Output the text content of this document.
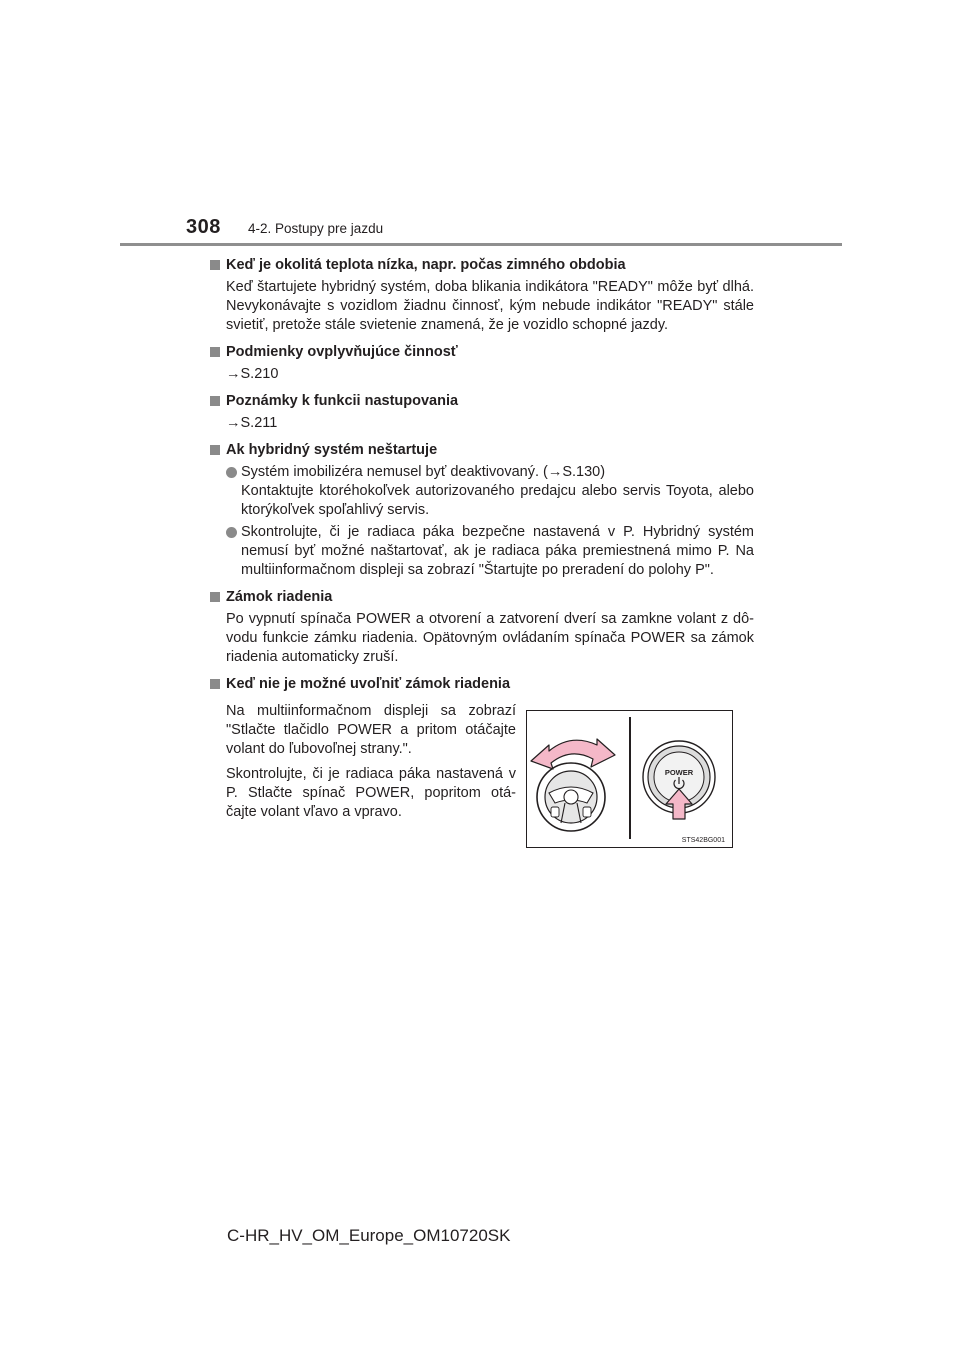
308 4-2. Postupy pre jazdu
Keď je okolitá teplota nízka, napr. počas zimného obdobia
Keď štartujete hybridný systém, doba blikania indikátora "READY" môže byť dlhá. Nevykonávajte s vozidlom žiadnu činnosť, kým nebude indikátor "READY" stále svietiť, pretože stále svietenie znamená, že je vozidlo schopné jazdy.
Podmienky ovplyvňujúce činnosť
→S.210
Poznámky k funkcii nastupovania
→S.211
Ak hybridný systém neštartuje
Systém imobilizéra nemusel byť deaktivovaný. (→S.130)
Kontaktujte ktoréhokoľvek autorizovaného predajcu alebo servis Toyota, alebo ktorýkoľvek spoľahlivý servis.
Skontrolujte, či je radiaca páka bezpečne nastavená v P. Hybridný systém nemusí byť možné naštartovať, ak je radiaca páka premiestnená mimo P. Na multiinformačnom displeji sa zobrazí "Štartujte po preradení do polohy P".
Zámok riadenia
Po vypnutí spínača POWER a otvorení a zatvorení dverí sa zamkne volant z dô- vodu funkcie zámku riadenia. Opätovným ovládaním spínača POWER sa zámok riadenia automaticky zruší.
Keď nie je možné uvoľniť zámok riadenia

Na multiinformačnom displeji sa zobrazí "Stlačte tlačidlo POWER a pritom otáčajte volant do ľubovoľnej strany.".

Skontrolujte, či je radiaca páka nastavená v P. Stlačte spínač POWER, popritom otá- čajte volant vľavo a vpravo.

POWER
STS42BG001
C-HR_HV_OM_Europe_OM10720SK
